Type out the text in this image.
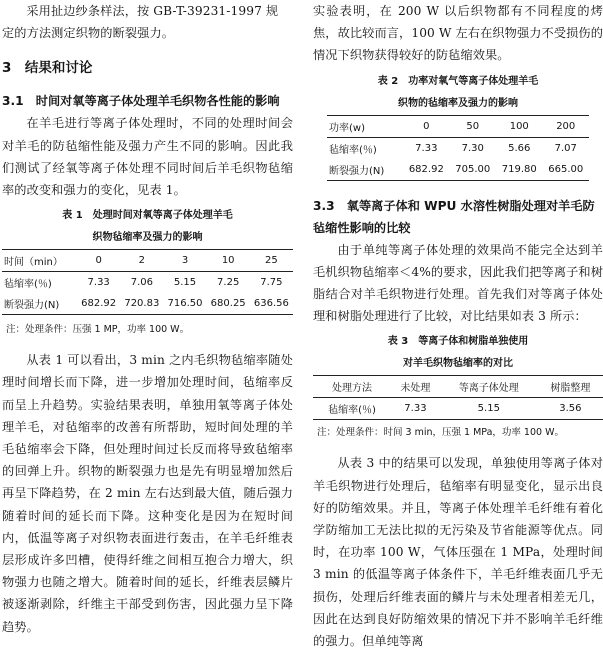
采用扯边纱条样法，按 GB-T-39231-1997 规

定的方法测定织物的断裂强力。

3　结果和讨论

3.1　时间对氧等离子体处理羊毛织物各性能的影响

在羊毛进行等离子体处理时，不同的处理时间会对羊毛的防毡缩性能及强力产生不同的影响。因此我们测试了经氧等离子体处理不同时间后羊毛织物毡缩率的改变和强力的变化，见表 1。

表 1　处理时间对氧等离子体处理羊毛

织物毡缩率及强力的影响

时间（min）	0	2	3	10	25
毡缩率(％)	7.33	7.06	5.15	7.25	7.75
断裂强力(N)	682.92	720.83	716.50	680.25	636.56

注：处理条件：压强 1 MP，功率 100 W。

从表 1 可以看出，3 min 之内毛织物毡缩率随处理时间增长而下降，进一步增加处理时间，毡缩率反而呈上升趋势。实验结果表明，单独用氧等离子体处理羊毛，对毡缩率的改善有所帮助，短时间处理的羊毛毡缩率会下降，但处理时间过长反而将导致毡缩率的回弹上升。织物的断裂强力也是先有明显增加然后再呈下降趋势，在 2 min 左右达到最大值，随后强力随着时间的延长而下降。这种变化是因为在短时间内，低温等离子对织物表面进行轰击，在羊毛纤维表层形成许多凹槽，使得纤维之间相互抱合力增大，织物强力也随之增大。随着时间的延长，纤维表层鳞片被逐渐剥除，纤维主干部受到伤害，因此强力呈下降趋势。

实验表明，在 200 W 以后织物都有不同程度的烤焦，故比较而言，100 W 左右在织物强力不受损伤的情况下织物获得较好的防毡缩效果。

表 2　功率对氧气等离子体处理羊毛

织物的毡缩率及强力的影响

功率(w)	0	50	100	200
毡缩率(％)	7.33	7.30	5.66	7.07
断裂强力(N)	682.92	705.00	719.80	665.00

3.3　氧等离子体和 WPU 水溶性树脂处理对羊毛防毡缩性影响的比较

由于单纯等离子体处理的效果尚不能完全达到羊毛机织物毡缩率＜4%的要求，因此我们把等离子和树脂结合对羊毛织物进行处理。首先我们对等离子体处理和树脂处理进行了比较，对比结果如表 3 所示：

表 3　等离子体和树脂单独使用

对羊毛织物毡缩率的对比

处理方法	未处理	等离子体处理	树脂整理
毡缩率(％)	7.33	5.15	3.56

注：处理条件：时间 3 min，压强 1 MPa，功率 100 W。

从表 3 中的结果可以发现，单独使用等离子体对羊毛织物进行处理后，毡缩率有明显变化，显示出良好的防缩效果。并且，等离子体处理羊毛纤维有着化学防缩加工无法比拟的无污染及节省能源等优点。同时，在功率 100 W，气体压强在 1 MPa，处理时间 3 min 的低温等离子体条件下，羊毛纤维表面几乎无损伤，处理后纤维表面的鳞片与未处理者相差无几，因此在达到良好防缩效果的情况下并不影响羊毛纤维的强力。但单纯等离
